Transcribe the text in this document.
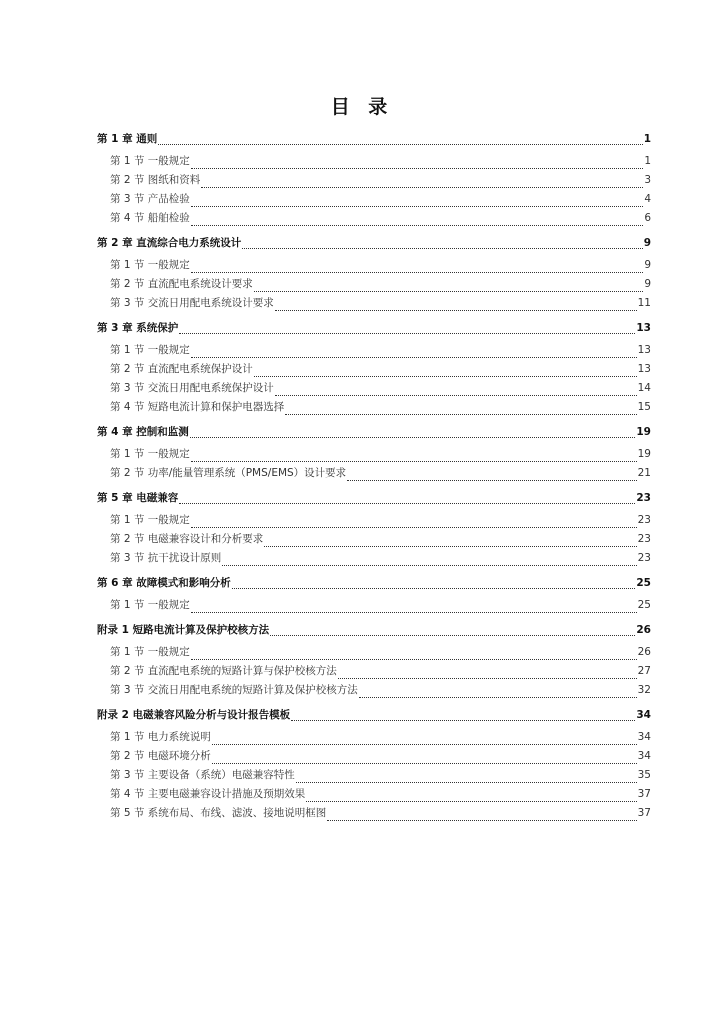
目 录
第 1 章 通则	1
第 1 节 一般规定	1
第 2 节 图纸和资料	3
第 3 节 产品检验	4
第 4 节 船舶检验	6
第 2 章 直流综合电力系统设计	9
第 1 节 一般规定	9
第 2 节 直流配电系统设计要求	9
第 3 节 交流日用配电系统设计要求	11
第 3 章 系统保护	13
第 1 节 一般规定	13
第 2 节 直流配电系统保护设计	13
第 3 节 交流日用配电系统保护设计	14
第 4 节 短路电流计算和保护电器选择	15
第 4 章 控制和监测	19
第 1 节 一般规定	19
第 2 节 功率/能量管理系统（PMS/EMS）设计要求	21
第 5 章 电磁兼容	23
第 1 节 一般规定	23
第 2 节 电磁兼容设计和分析要求	23
第 3 节 抗干扰设计原则	23
第 6 章 故障模式和影响分析	25
第 1 节 一般规定	25
附录 1 短路电流计算及保护校核方法	26
第 1 节 一般规定	26
第 2 节 直流配电系统的短路计算与保护校核方法	27
第 3 节 交流日用配电系统的短路计算及保护校核方法	32
附录 2 电磁兼容风险分析与设计报告模板	34
第 1 节 电力系统说明	34
第 2 节 电磁环境分析	34
第 3 节 主要设备（系统）电磁兼容特性	35
第 4 节 主要电磁兼容设计措施及预期效果	37
第 5 节 系统布局、布线、滤波、接地说明框图	37
